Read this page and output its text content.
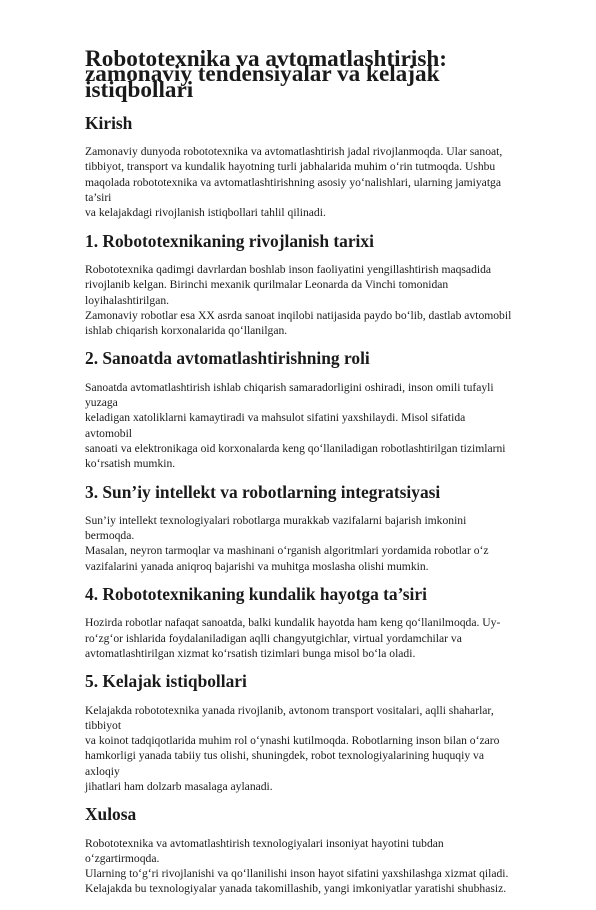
Robototexnika va avtomatlashtirish: zamonaviy tendensiyalar va kelajak istiqbollari
Kirish

Zamonaviy dunyoda robototexnika va avtomatlashtirish jadal rivojlanmoqda. Ular sanoat,
tibbiyot, transport va kundalik hayotning turli jabhalarida muhim o‘rin tutmoqda. Ushbu
maqolada robototexnika va avtomatlashtirishning asosiy yo‘nalishlari, ularning jamiyatga ta’siri
va kelajakdagi rivojlanish istiqbollari tahlil qilinadi.

1. Robototexnikaning rivojlanish tarixi

Robototexnika qadimgi davrlardan boshlab inson faoliyatini yengillashtirish maqsadida
rivojlanib kelgan. Birinchi mexanik qurilmalar Leonarda da Vinchi tomonidan loyihalashtirilgan.
Zamonaviy robotlar esa XX asrda sanoat inqilobi natijasida paydo bo‘lib, dastlab avtomobil
ishlab chiqarish korxonalarida qo‘llanilgan.

2. Sanoatda avtomatlashtirishning roli

Sanoatda avtomatlashtirish ishlab chiqarish samaradorligini oshiradi, inson omili tufayli yuzaga
keladigan xatoliklarni kamaytiradi va mahsulot sifatini yaxshilaydi. Misol sifatida avtomobil
sanoati va elektronikaga oid korxonalarda keng qo‘llaniladigan robotlashtirilgan tizimlarni
ko‘rsatish mumkin.

3. Sun’iy intellekt va robotlarning integratsiyasi

Sun’iy intellekt texnologiyalari robotlarga murakkab vazifalarni bajarish imkonini bermoqda.
Masalan, neyron tarmoqlar va mashinani o‘rganish algoritmlari yordamida robotlar o‘z
vazifalarini yanada aniqroq bajarishi va muhitga moslasha olishi mumkin.

4. Robototexnikaning kundalik hayotga ta’siri

Hozirda robotlar nafaqat sanoatda, balki kundalik hayotda ham keng qo‘llanilmoqda. Uy-
ro‘zg‘or ishlarida foydalaniladigan aqlli changyutgichlar, virtual yordamchilar va
avtomatlashtirilgan xizmat ko‘rsatish tizimlari bunga misol bo‘la oladi.

5. Kelajak istiqbollari

Kelajakda robototexnika yanada rivojlanib, avtonom transport vositalari, aqlli shaharlar, tibbiyot
va koinot tadqiqotlarida muhim rol o‘ynashi kutilmoqda. Robotlarning inson bilan o‘zaro
hamkorligi yanada tabiiy tus olishi, shuningdek, robot texnologiyalarining huquqiy va axloqiy
jihatlari ham dolzarb masalaga aylanadi.

Xulosa

Robototexnika va avtomatlashtirish texnologiyalari insoniyat hayotini tubdan o‘zgartirmoqda.
Ularning to‘g‘ri rivojlanishi va qo‘llanilishi inson hayot sifatini yaxshilashga xizmat qiladi.
Kelajakda bu texnologiyalar yanada takomillashib, yangi imkoniyatlar yaratishi shubhasiz.
